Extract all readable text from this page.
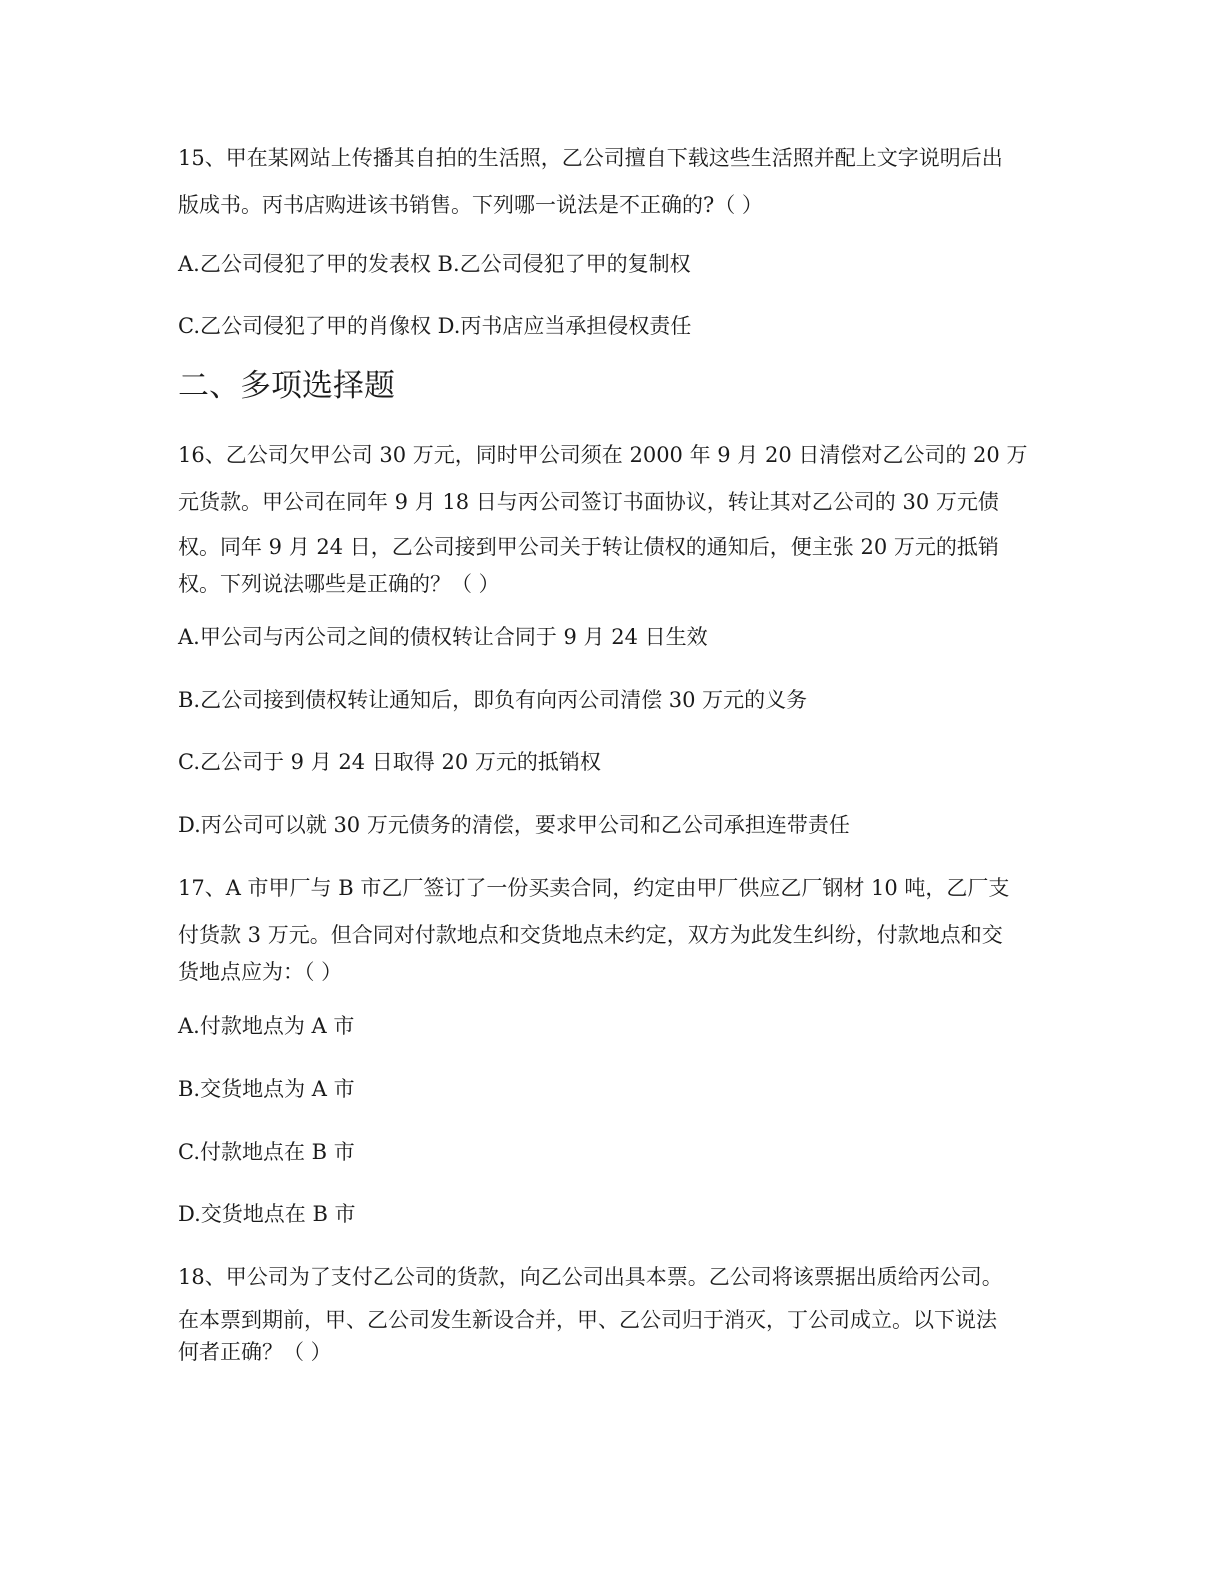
15、甲在某网站上传播其自拍的生活照，乙公司擅自下载这些生活照并配上文字说明后出
版成书。丙书店购进该书销售。下列哪一说法是不正确的?（ ）
A.乙公司侵犯了甲的发表权 B.乙公司侵犯了甲的复制权
C.乙公司侵犯了甲的肖像权 D.丙书店应当承担侵权责任
二、多项选择题
16、乙公司欠甲公司 30 万元，同时甲公司须在 2000 年 9 月 20 日清偿对乙公司的 20 万
元货款。甲公司在同年 9 月 18 日与丙公司签订书面协议，转让其对乙公司的 30 万元债
权。同年 9 月 24 日，乙公司接到甲公司关于转让债权的通知后，便主张 20 万元的抵销
权。下列说法哪些是正确的？（ ）
A.甲公司与丙公司之间的债权转让合同于 9 月 24 日生效
B.乙公司接到债权转让通知后，即负有向丙公司清偿 30 万元的义务
C.乙公司于 9 月 24 日取得 20 万元的抵销权
D.丙公司可以就 30 万元债务的清偿，要求甲公司和乙公司承担连带责任
17、A 市甲厂与 B 市乙厂签订了一份买卖合同，约定由甲厂供应乙厂钢材 10 吨，乙厂支
付货款 3 万元。但合同对付款地点和交货地点未约定，双方为此发生纠纷，付款地点和交
货地点应为：（ ）
A.付款地点为 A 市
B.交货地点为 A 市
C.付款地点在 B 市
D.交货地点在 B 市
18、甲公司为了支付乙公司的货款，向乙公司出具本票。乙公司将该票据出质给丙公司。
在本票到期前，甲、乙公司发生新设合并，甲、乙公司归于消灭，丁公司成立。以下说法
何者正确？（ ）
